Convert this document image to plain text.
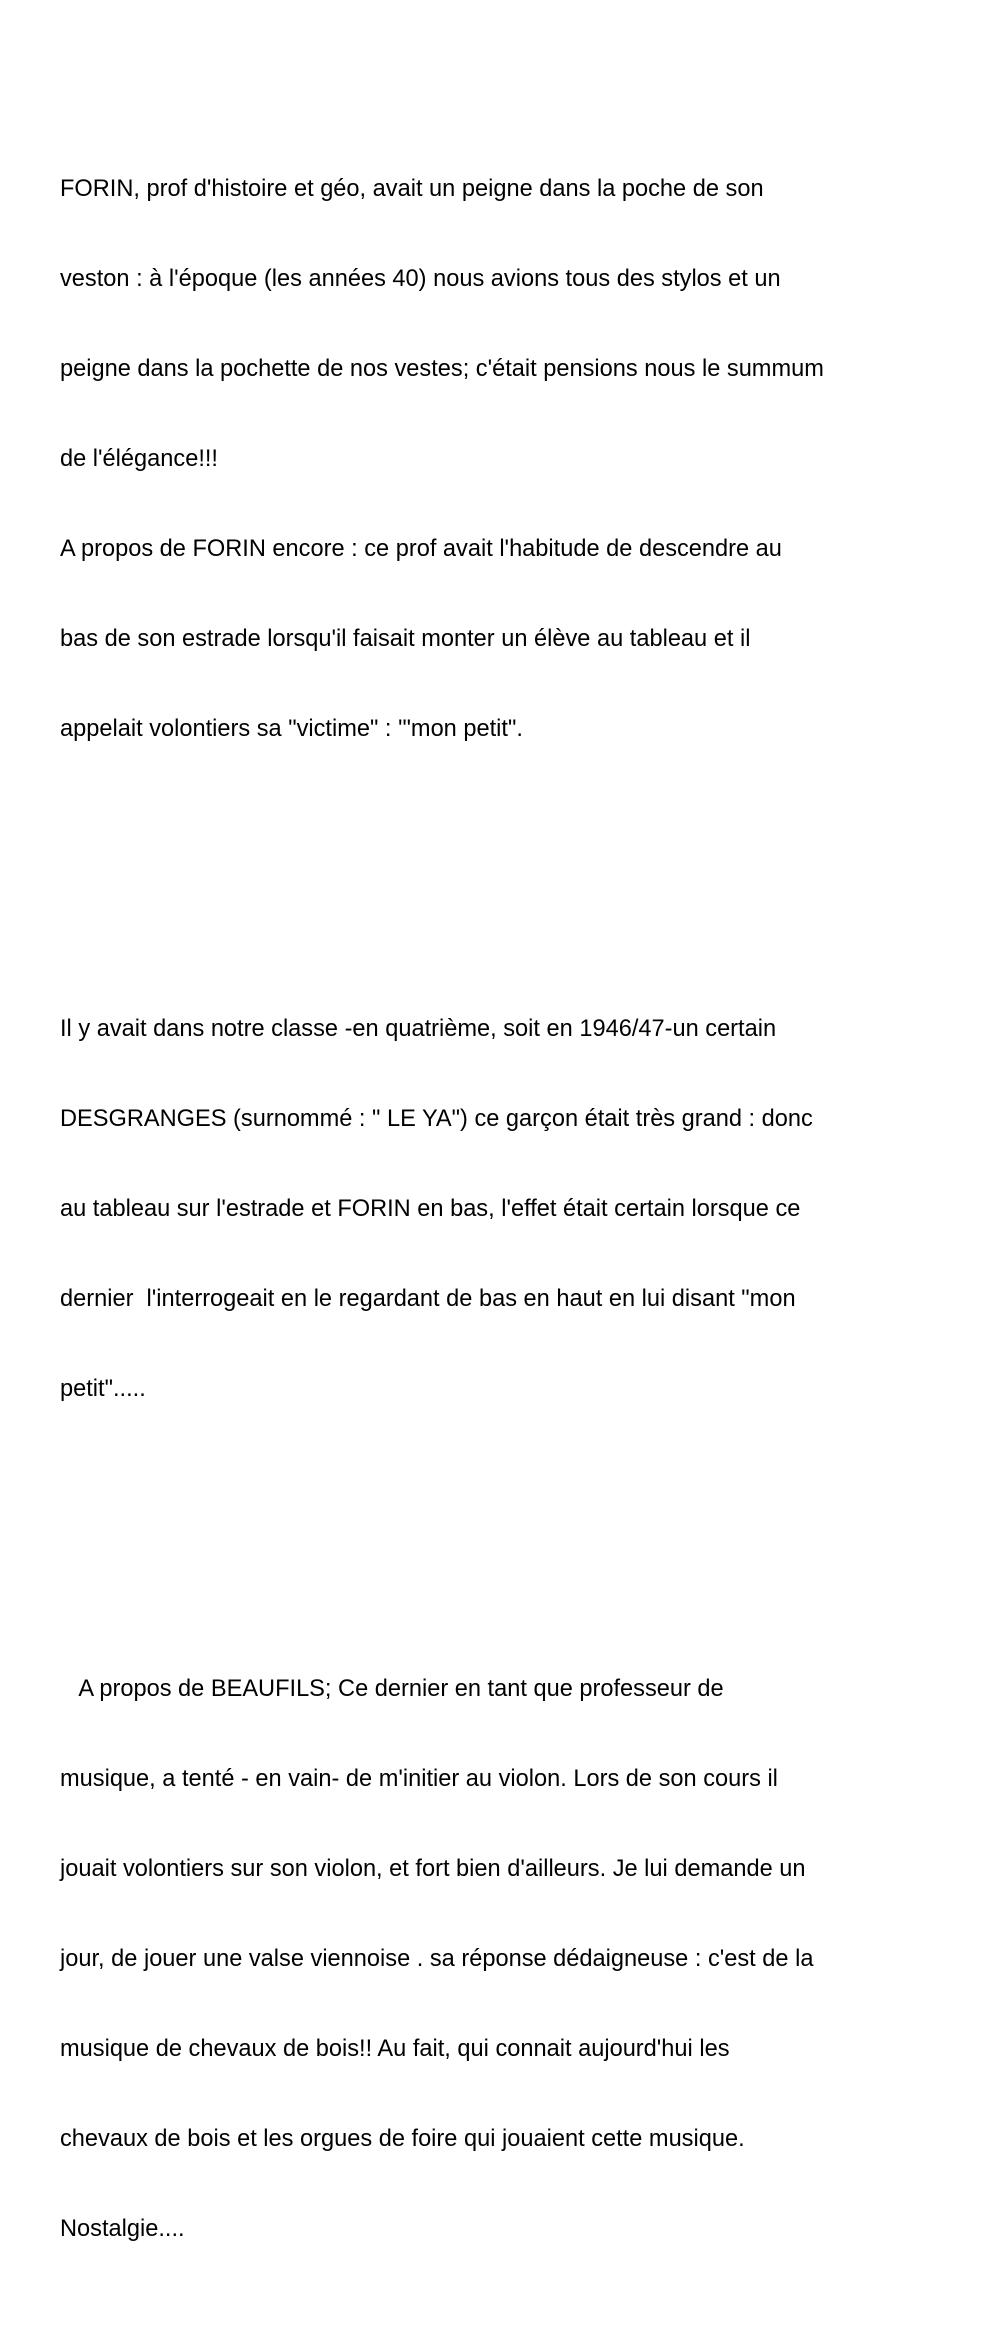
FORIN, prof d'histoire et géo, avait un peigne dans la poche de son

veston : à l'époque (les années 40) nous avions tous des stylos et un

peigne dans la pochette de nos vestes; c'était pensions nous le summum

de l'élégance!!!

A propos de FORIN encore : ce prof avait l'habitude de descendre au

bas de son estrade lorsqu'il faisait monter un élève au tableau et il

appelait volontiers sa "victime" : '"mon petit".

Il y avait dans notre classe -en quatrième, soit en 1946/47-un certain

DESGRANGES (surnommé : " LE YA") ce garçon était très grand : donc

au tableau sur l'estrade et FORIN en bas, l'effet était certain lorsque ce

dernier  l'interrogeait en le regardant de bas en haut en lui disant "mon

petit".....

A propos de BEAUFILS; Ce dernier en tant que professeur de

musique, a tenté - en vain- de m'initier au violon. Lors de son cours il

jouait volontiers sur son violon, et fort bien d'ailleurs. Je lui demande un

jour, de jouer une valse viennoise . sa réponse dédaigneuse : c'est de la

musique de chevaux de bois!! Au fait, qui connait aujourd'hui les

chevaux de bois et les orgues de foire qui jouaient cette musique.

Nostalgie....
